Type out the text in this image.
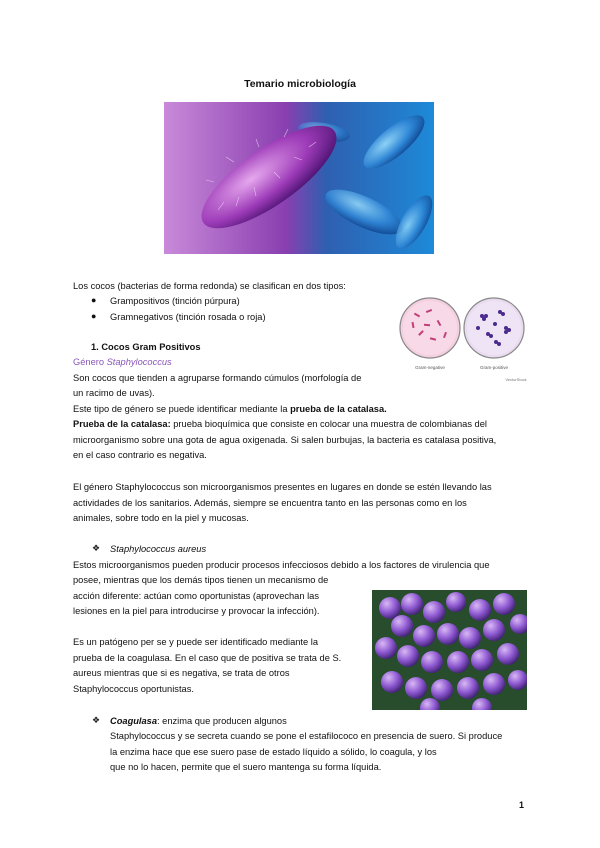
Temario microbiología
Los cocos (bacterias de forma redonda) se clasifican en dos tipos:
● Grampositivos (tinción púrpura)
● Gramnegativos (tinción rosada o roja)
Gram-negative	Gram-positive
VectorStock
1. Cocos Gram Positivos
Género Staphylococcus
Son cocos que tienden a agruparse formando cúmulos (morfología de
un racimo de uvas).
Este tipo de género se puede identificar mediante la prueba de la catalasa.
Prueba de la catalasa: prueba bioquímica que consiste en colocar una muestra de colombianas del
microorganismo sobre una gota de agua oxigenada. Si salen burbujas, la bacteria es catalasa positiva,
en el caso contrario es negativa.
El género Staphylococcus son microorganismos presentes en lugares en donde se estén llevando las
actividades de los sanitarios. Además, siempre se encuentra tanto en las personas como en los
animales, sobre todo en la piel y mucosas.
❖ Staphylococcus aureus
Estos microorganismos pueden producir procesos infecciosos debido a los factores de virulencia que
posee, mientras que los demás tipos tienen un mecanismo de
acción diferente: actúan como oportunistas (aprovechan las
lesiones en la piel para introducirse y provocar la infección).
Es un patógeno per se y puede ser identificado mediante la
prueba de la coagulasa. En el caso que de positiva se trata de S.
aureus mientras que si es negativa, se trata de otros
Staphylococcus oportunistas.
❖ Coagulasa: enzima que producen algunos
Staphylococcus y se secreta cuando se pone el estafilococo en presencia de suero. Si produce
la enzima hace que ese suero pase de estado líquido a sólido, lo coagula, y los
que no lo hacen, permite que el suero mantenga su forma líquida.
1
